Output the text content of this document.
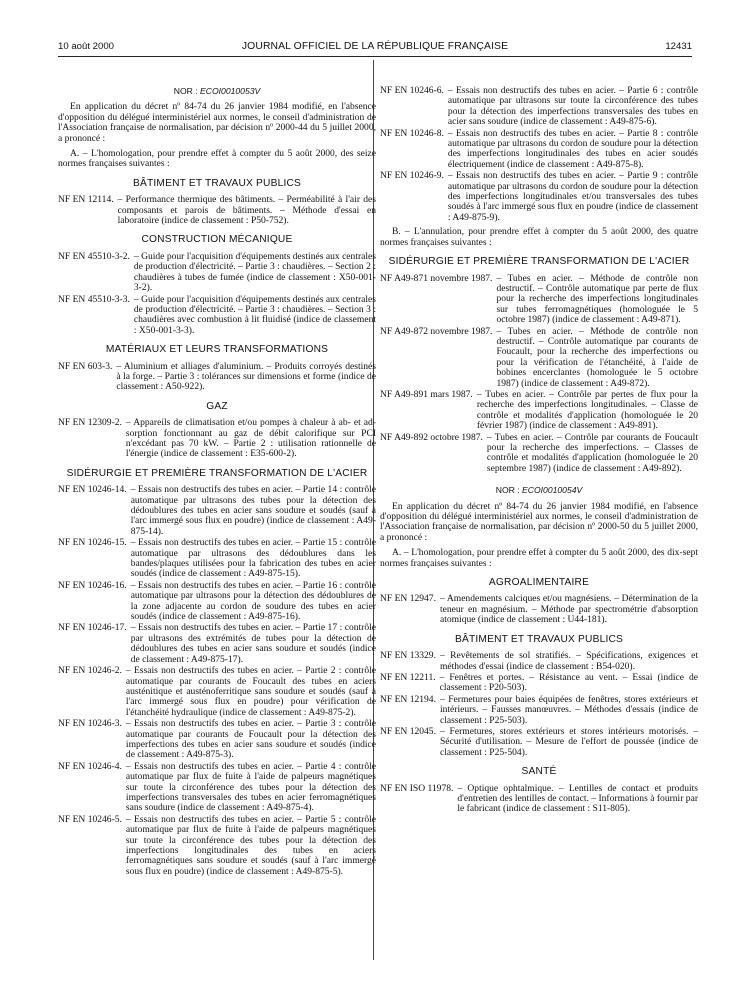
10 août 2000	JOURNAL OFFICIEL DE LA RÉPUBLIQUE FRANÇAISE	12431
NOR : ECOI0010053V

En application du décret nº 84-74 du 26 janvier 1984 modifié, en l'absence d'opposition du délégué interministériel aux normes, le conseil d'administration de l'Association française de normalisation, par décision nº 2000-44 du 5 juillet 2000, a prononcé :

A. – L'homologation, pour prendre effet à compter du 5 août 2000, des seize normes françaises suivantes :

BÂTIMENT ET TRAVAUX PUBLICS
NF EN 12114. – Performance thermique des bâtiments. – Perméabilité à l'air des composants et parois de bâtiments. – Méthode d'essai en laboratoire (indice de classement : P50-752).
CONSTRUCTION MÉCANIQUE
NF EN 45510-3-2. – Guide pour l'acquisition d'équipements destinés aux centrales de production d'électricité. – Partie 3 : chaudières. – Section 2 : chaudières à tubes de fumée (indice de classement : X50-001-3-2).
NF EN 45510-3-3. – Guide pour l'acquisition d'équipements destinés aux centrales de production d'électricité. – Partie 3 : chaudières. – Section 3 : chaudières avec combustion à lit fluidisé (indice de classement : X50-001-3-3).
MATÉRIAUX ET LEURS TRANSFORMATIONS
NF EN 603-3. – Aluminium et alliages d'aluminium. – Produits corroyés destinés à la forge. – Partie 3 : tolérances sur dimensions et forme (indice de classement : A50-922).
GAZ
NF EN 12309-2. – Appareils de climatisation et/ou pompes à chaleur à ab- et ad-sorption fonctionnant au gaz de débit calorifique sur PCI n'excédant pas 70 kW. – Partie 2 : utilisation rationnelle de l'énergie (indice de classement : E35-600-2).
SIDÉRURGIE ET PREMIÈRE TRANSFORMATION DE L'ACIER
NF EN 10246-14. – Essais non destructifs des tubes en acier. – Partie 14 : contrôle automatique par ultrasons des tubes pour la détection des dédoublures des tubes en acier sans soudure et soudés (sauf à l'arc immergé sous flux en poudre) (indice de classement : A49-875-14).
NF EN 10246-15. – Essais non destructifs des tubes en acier. – Partie 15 : contrôle automatique par ultrasons des dédoublures dans les bandes/plaques utilisées pour la fabrication des tubes en acier soudés (indice de classement : A49-875-15).
NF EN 10246-16. – Essais non destructifs des tubes en acier. – Partie 16 : contrôle automatique par ultrasons pour la détection des dédoublures de la zone adjacente au cordon de soudure des tubes en acier soudés (indice de classement : A49-875-16).
NF EN 10246-17. – Essais non destructifs des tubes en acier. – Partie 17 : contrôle par ultrasons des extrémités de tubes pour la détection de dédoublures des tubes en acier sans soudure et soudés (indice de classement : A49-875-17).
NF EN 10246-2. – Essais non destructifs des tubes en acier. – Partie 2 : contrôle automatique par courants de Foucault des tubes en aciers austénitique et austénoferritique sans soudure et soudés (sauf à l'arc immergé sous flux en poudre) pour vérification de l'étanchéité hydraulique (indice de classement : A49-875-2).
NF EN 10246-3. – Essais non destructifs des tubes en acier. – Partie 3 : contrôle automatique par courants de Foucault pour la détection des imperfections des tubes en acier sans soudure et soudés (indice de classement : A49-875-3).
NF EN 10246-4. – Essais non destructifs des tubes en acier. – Partie 4 : contrôle automatique par flux de fuite à l'aide de palpeurs magnétiques sur toute la circonférence des tubes pour la détection des imperfections transversales des tubes en acier ferromagnétiques sans soudure (indice de classement : A49-875-4).
NF EN 10246-5. – Essais non destructifs des tubes en acier. – Partie 5 : contrôle automatique par flux de fuite à l'aide de palpeurs magnétiques sur toute la circonférence des tubes pour la détection des imperfections longitudinales des tubes en aciers ferromagnétiques sans soudure et soudés (sauf à l'arc immergé sous flux en poudre) (indice de classement : A49-875-5).
NF EN 10246-6. – Essais non destructifs des tubes en acier. – Partie 6 : contrôle automatique par ultrasons sur toute la circonférence des tubes pour la détection des imperfections transversales des tubes en acier sans soudure (indice de classement : A49-875-6).
NF EN 10246-8. – Essais non destructifs des tubes en acier. – Partie 8 : contrôle automatique par ultrasons du cordon de soudure pour la détection des imperfections longitudinales des tubes en acier soudés électriquement (indice de classement : A49-875-8).
NF EN 10246-9. – Essais non destructifs des tubes en acier. – Partie 9 : contrôle automatique par ultrasons du cordon de soudure pour la détection des imperfections longitudinales et/ou transversales des tubes soudés à l'arc immergé sous flux en poudre (indice de classement : A49-875-9).

B. – L'annulation, pour prendre effet à compter du 5 août 2000, des quatre normes françaises suivantes :

SIDÉRURGIE ET PREMIÈRE TRANSFORMATION DE L'ACIER
NF A49-871 novembre 1987. – Tubes en acier. – Méthode de contrôle non destructif. – Contrôle automatique par perte de flux pour la recherche des imperfections longitudinales sur tubes ferromagnétiques (homologuée le 5 octobre 1987) (indice de classement : A49-871).
NF A49-872 novembre 1987. – Tubes en acier. – Méthode de contrôle non destructif. – Contrôle automatique par courants de Foucault, pour la recherche des imperfections ou pour la vérification de l'étanchéité, à l'aide de bobines encerclantes (homologuée le 5 octobre 1987) (indice de classement : A49-872).
NF A49-891 mars 1987. – Tubes en acier. – Contrôle par pertes de flux pour la recherche des imperfections longitudinales. – Classe de contrôle et modalités d'application (homologuée le 20 février 1987) (indice de classement : A49-891).
NF A49-892 octobre 1987. – Tubes en acier. – Contrôle par courants de Foucault pour la recherche des imperfections. – Classes de contrôle et modalités d'application (homologuée le 20 septembre 1987) (indice de classement : A49-892).
NOR : ECOI0010054V

En application du décret nº 84-74 du 26 janvier 1984 modifié, en l'absence d'opposition du délégué interministériel aux normes, le conseil d'administration de l'Association française de normalisation, par décision nº 2000-50 du 5 juillet 2000, a prononcé :

A. – L'homologation, pour prendre effet à compter du 5 août 2000, des dix-sept normes françaises suivantes :

AGROALIMENTAIRE
NF EN 12947. – Amendements calciques et/ou magnésiens. – Détermination de la teneur en magnésium. – Méthode par spectrométrie d'absorption atomique (indice de classement : U44-181).
BÂTIMENT ET TRAVAUX PUBLICS
NF EN 13329. – Revêtements de sol stratifiés. – Spécifications, exigences et méthodes d'essai (indice de classement : B54-020).
NF EN 12211. – Fenêtres et portes. – Résistance au vent. – Essai (indice de classement : P20-503).
NF EN 12194. – Fermetures pour baies équipées de fenêtres, stores extérieurs et intérieurs. – Fausses manœuvres. – Méthodes d'essais (indice de classement : P25-503).
NF EN 12045. – Fermetures, stores extérieurs et stores intérieurs motorisés. – Sécurité d'utilisation. – Mesure de l'effort de poussée (indice de classement : P25-504).
SANTÉ
NF EN ISO 11978. – Optique ophtalmique. – Lentilles de contact et produits d'entretien des lentilles de contact. – Informations à fournir par le fabricant (indice de classement : S11-805).
